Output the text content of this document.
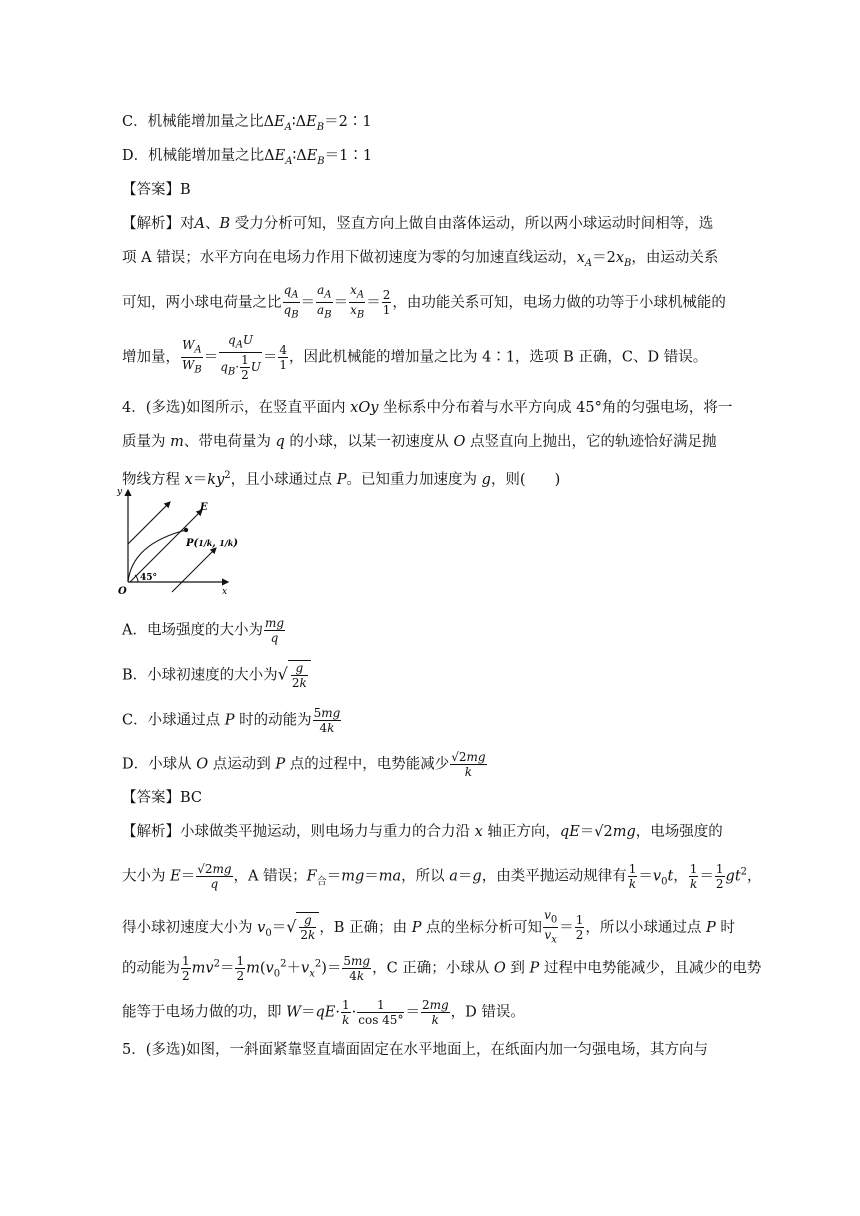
C．机械能增加量之比$\Delta E_A∶\Delta E_B=2∶1$
D．机械能增加量之比$\Delta E_A∶\Delta E_B=1∶1$
【答案】B
【解析】对A、B 受力分析可知，竖直方向上做自由落体运动，所以两小球运动时间相等，选
项 A 错误；水平方向在电场力作用下做初速度为零的匀加速直线运动，$x_A=2x_B$，由运动关系
可知，两小球电荷量之比 $\frac{q_A}{q_B} = \frac{a_A}{a_B} = \frac{x_A}{x_B} = \frac{2}{1}$ ，由功能关系可知，电场力做的功等于小球机械能的
增加量， $\frac{W_A}{W_B} = \frac{q_AU}{q_B\cdot \frac{1}{2} U} = \frac{4}{1}$ ，因此机械能的增加量之比为 4∶1，选项 B 正确，C、D 错误。
4．(多选)如图所示，在竖直平面内 xOy 坐标系中分布着与水平方向成 45°角的匀强电场，将一
质量为 m、带电荷量为 q 的小球，以某一初速度从 O 点竖直向上抛出，它的轨迹恰好满足抛
物线方程 $x=ky^2$，且小球通过点 P。已知重力加速度为 g，则(　　)
y
x
O
E
P(1/k, 1/k)
45°
A．电场强度的大小为 $\frac{mg}{q}$
B．小球初速度的大小为√ $\frac{g}{2k}$
C．小球通过点 P 时的动能为 $\frac{5mg}{4k}$
D．小球从 O 点运动到 P 点的过程中，电势能减少 $\frac{√2mg}{k}$
【答案】BC
【解析】小球做类平抛运动，则电场力与重力的合力沿 x 轴正方向，qE＝√2mg，电场强度的
大小为 $E= \frac{√2mg}{q}$ ，A 错误；$F_合=mg=ma$，所以 a＝g，由类平抛运动规律有 $\frac{1}{k} =v_0t$， $\frac{1}{k} = \frac{1}{2} gt^2$，
得小球初速度大小为 $v_0=√ \frac{g}{2k}$ ，B 正确；由 P 点的坐标分析可知 $\frac{v_0}{v_x} = \frac{1}{2}$ ，所以小球通过点 P 时
的动能为 $\frac{1}{2} mv^2= \frac{1}{2} m(v_0^2+v_x^2)= \frac{5mg}{4k}$ ，C 正确；小球从 O 到 P 过程中电势能减少，且减少的电势
能等于电场力做的功，即 $W=qE\cdot \frac{1}{k} \cdot \frac{1}{\cos 45^\circ} = \frac{2mg}{k}$ ，D 错误。
5．(多选)如图，一斜面紧靠竖直墙面固定在水平地面上，在纸面内加一匀强电场，其方向与
